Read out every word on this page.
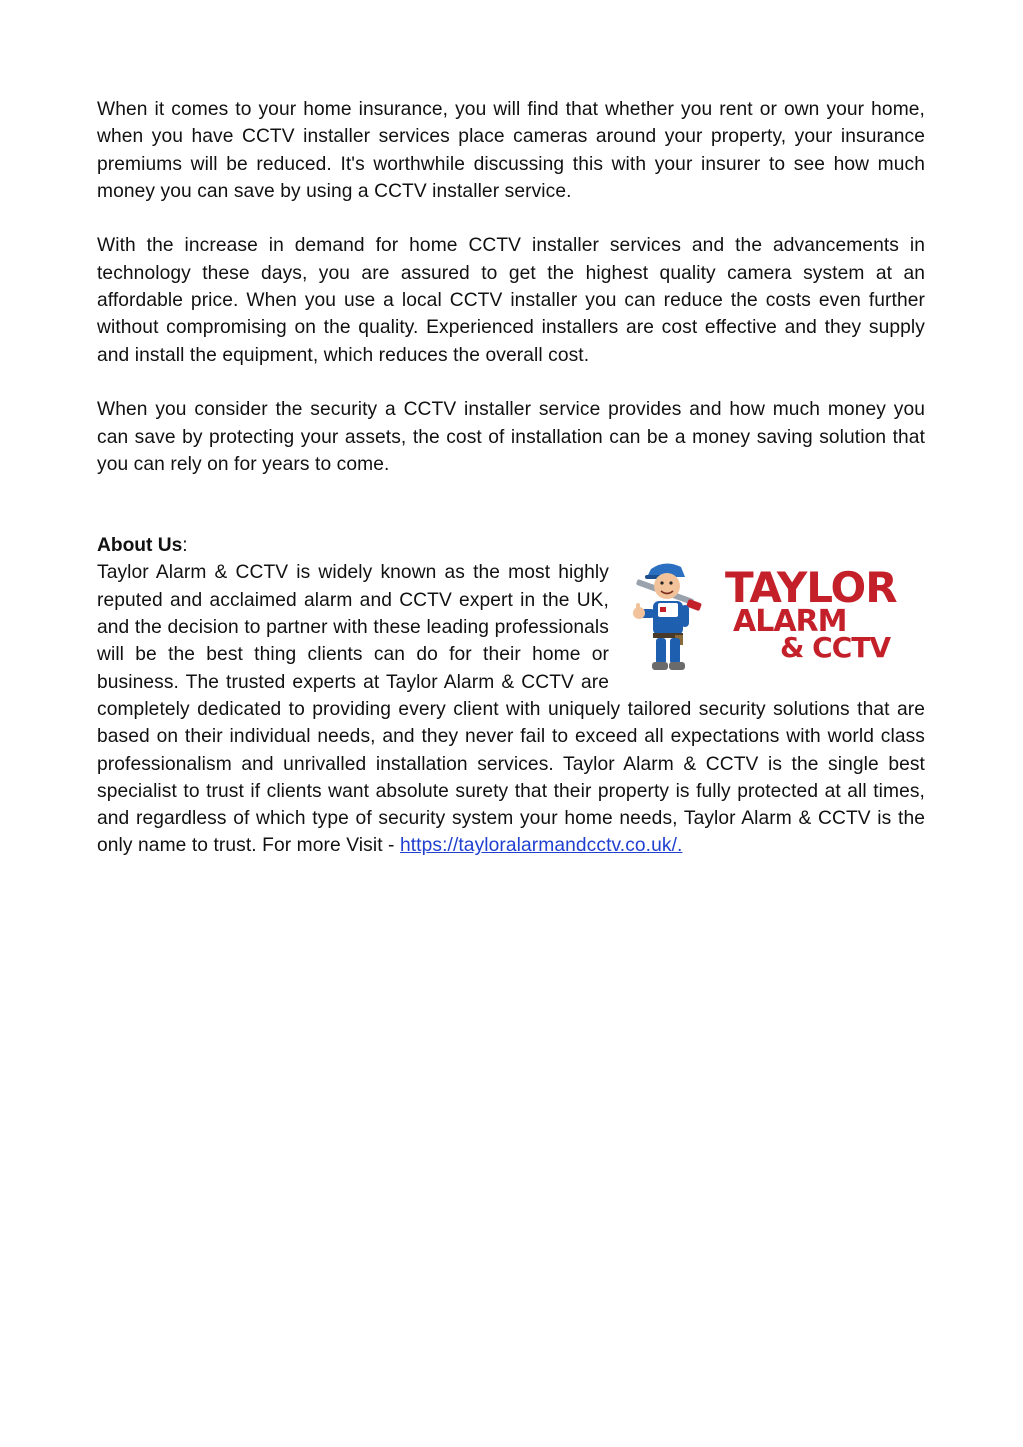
When it comes to your home insurance, you will find that whether you rent or own your home, when you have CCTV installer services place cameras around your property, your insurance premiums will be reduced. It's worthwhile discussing this with your insurer to see how much money you can save by using a CCTV installer service.

With the increase in demand for home CCTV installer services and the advancements in technology these days, you are assured to get the highest quality camera system at an affordable price. When you use a local CCTV installer you can reduce the costs even further without compromising on the quality. Experienced installers are cost effective and they supply and install the equipment, which reduces the overall cost.

When you consider the security a CCTV installer service provides and how much money you can save by protecting your assets, the cost of installation can be a money saving solution that you can rely on for years to come.

About Us:
TAYLOR
ALARM
& CCTV

Taylor Alarm & CCTV is widely known as the most highly reputed and acclaimed alarm and CCTV expert in the UK, and the decision to partner with these leading professionals will be the best thing clients can do for their home or business. The trusted experts at Taylor Alarm & CCTV are completely dedicated to providing every client with uniquely tailored security solutions that are based on their individual needs, and they never fail to exceed all expectations with world class professionalism and unrivalled installation services. Taylor Alarm & CCTV is the single best specialist to trust if clients want absolute surety that their property is fully protected at all times, and regardless of which type of security system your home needs, Taylor Alarm & CCTV is the only name to trust. For more Visit - https://tayloralarmandcctv.co.uk/.
